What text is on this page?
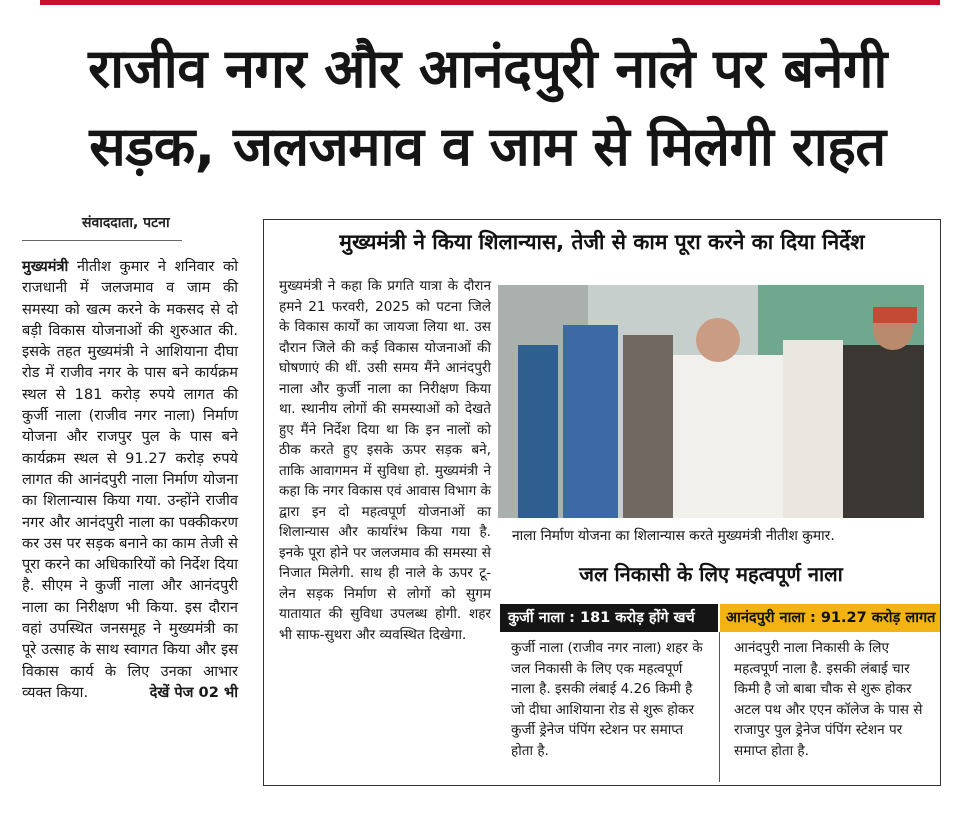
राजीव नगर और आनंदपुरी नाले पर बनेगी
सड़क, जलजमाव व जाम से मिलेगी राहत
संवाददाता, पटना
मुख्यमंत्री नीतीश कुमार ने शनिवार को राजधानी में जलजमाव व जाम की समस्या को खत्म करने के मकसद से दो बड़ी विकास योजनाओं की शुरुआत की. इसके तहत मुख्यमंत्री ने आशियाना दीघा रोड में राजीव नगर के पास बने कार्यक्रम स्थल से 181 करोड़ रुपये लागत की कुर्जी नाला (राजीव नगर नाला) निर्माण योजना और राजपुर पुल के पास बने कार्यक्रम स्थल से 91.27 करोड़ रुपये लागत की आनंदपुरी नाला निर्माण योजना का शिलान्यास किया गया. उन्होंने राजीव नगर और आनंदपुरी नाला का पक्कीकरण कर उस पर सड़क बनाने का काम तेजी से पूरा करने का अधिकारियों को निर्देश दिया है. सीएम ने कुर्जी नाला और आनंदपुरी नाला का निरीक्षण भी किया. इस दौरान वहां उपस्थित जनसमूह ने मुख्यमंत्री का पूरे उत्साह के साथ स्वागत किया और इस विकास कार्य के लिए उनका आभार व्यक्त किया.	देखें पेज 02 भी
मुख्यमंत्री ने किया शिलान्यास, तेजी से काम पूरा करने का दिया निर्देश
मुख्यमंत्री ने कहा कि प्रगति यात्रा के दौरान हमने 21 फरवरी, 2025 को पटना जिले के विकास कार्यों का जायजा लिया था. उस दौरान जिले की कई विकास योजनाओं की घोषणाएं की थीं. उसी समय मैंने आनंदपुरी नाला और कुर्जी नाला का निरीक्षण किया था. स्थानीय लोगों की समस्याओं को देखते हुए मैंने निर्देश दिया था कि इन नालों को ठीक करते हुए इसके ऊपर सड़क बने, ताकि आवागमन में सुविधा हो. मुख्यमंत्री ने कहा कि नगर विकास एवं आवास विभाग के द्वारा इन दो महत्वपूर्ण योजनाओं का शिलान्यास और कार्यारंभ किया गया है. इनके पूरा होने पर जलजमाव की समस्या से निजात मिलेगी. साथ ही नाले के ऊपर टू-लेन सड़क निर्माण से लोगों को सुगम यातायात की सुविधा उपलब्ध होगी. शहर भी साफ-सुथरा और व्यवस्थित दिखेगा.
नाला निर्माण योजना का शिलान्यास करते मुख्यमंत्री नीतीश कुमार.
जल निकासी के लिए महत्वपूर्ण नाला
कुर्जी नाला : 181 करोड़ होंगे खर्च	आनंदपुरी नाला : 91.27 करोड़ लागत
कुर्जी नाला (राजीव नगर नाला) शहर के जल निकासी के लिए एक महत्वपूर्ण नाला है. इसकी लंबाई 4.26 किमी है जो दीघा आशियाना रोड से शुरू होकर कुर्जी ड्रेनेज पंपिंग स्टेशन पर समाप्त होता है.
आनंदपुरी नाला निकासी के लिए महत्वपूर्ण नाला है. इसकी लंबाई चार किमी है जो बाबा चौक से शुरू होकर अटल पथ और एएन कॉलेज के पास से राजापुर पुल ड्रेनेज पंपिंग स्टेशन पर समाप्त होता है.
